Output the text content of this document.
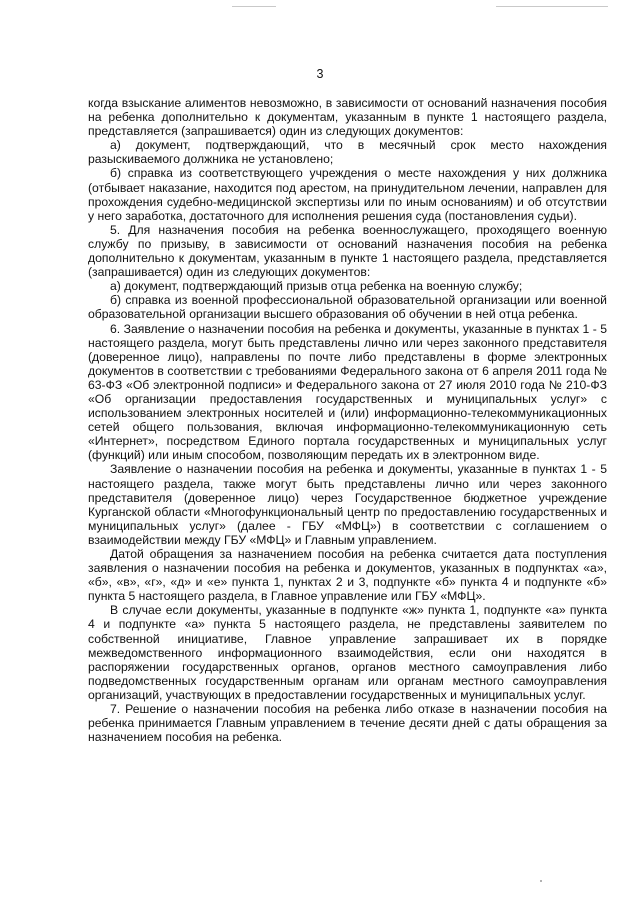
3

когда взыскание алиментов невозможно, в зависимости от оснований назначения пособия на ребенка дополнительно к документам, указанным в пункте 1 настоящего раздела, представляется (запрашивается) один из следующих документов:

а) документ, подтверждающий, что в месячный срок место нахождения разыскиваемого должника не установлено;

б) справка из соответствующего учреждения о месте нахождения у них должника (отбывает наказание, находится под арестом, на принудительном лечении, направлен для прохождения судебно-медицинской экспертизы или по иным основаниям) и об отсутствии у него заработка, достаточного для исполнения решения суда (постановления судьи).

5. Для назначения пособия на ребенка военнослужащего, проходящего военную службу по призыву, в зависимости от оснований назначения пособия на ребенка дополнительно к документам, указанным в пункте 1 настоящего раздела, представляется (запрашивается) один из следующих документов:

а) документ, подтверждающий призыв отца ребенка на военную службу;

б) справка из военной профессиональной образовательной организации или военной образовательной организации высшего образования об обучении в ней отца ребенка.

6. Заявление о назначении пособия на ребенка и документы, указанные в пунктах 1 - 5 настоящего раздела, могут быть представлены лично или через законного представителя (доверенное лицо), направлены по почте либо представлены в форме электронных документов в соответствии с требованиями Федерального закона от 6 апреля 2011 года № 63-ФЗ «Об электронной подписи» и Федерального закона от 27 июля 2010 года № 210-ФЗ «Об организации предоставления государственных и муниципальных услуг» с использованием электронных носителей и (или) информационно-телекоммуникационных сетей общего пользования, включая информационно-телекоммуникационную сеть «Интернет», посредством Единого портала государственных и муниципальных услуг (функций) или иным способом, позволяющим передать их в электронном виде.

Заявление о назначении пособия на ребенка и документы, указанные в пунктах 1 - 5 настоящего раздела, также могут быть представлены лично или через законного представителя (доверенное лицо) через Государственное бюджетное учреждение Курганской области «Многофункциональный центр по предоставлению государственных и муниципальных услуг» (далее - ГБУ «МФЦ») в соответствии с соглашением о взаимодействии между ГБУ «МФЦ» и Главным управлением.

Датой обращения за назначением пособия на ребенка считается дата поступления заявления о назначении пособия на ребенка и документов, указанных в подпунктах «а», «б», «в», «г», «д» и «е» пункта 1, пунктах 2 и 3, подпункте «б» пункта 4 и подпункте «б» пункта 5 настоящего раздела, в Главное управление или ГБУ «МФЦ».

В случае если документы, указанные в подпункте «ж» пункта 1, подпункте «а» пункта 4 и подпункте «а» пункта 5 настоящего раздела, не представлены заявителем по собственной инициативе, Главное управление запрашивает их в порядке межведомственного информационного взаимодействия, если они находятся в распоряжении государственных органов, органов местного самоуправления либо подведомственных государственным органам или органам местного самоуправления организаций, участвующих в предоставлении государственных и муниципальных услуг.

7. Решение о назначении пособия на ребенка либо отказе в назначении пособия на ребенка принимается Главным управлением в течение десяти дней с даты обращения за назначением пособия на ребенка.
